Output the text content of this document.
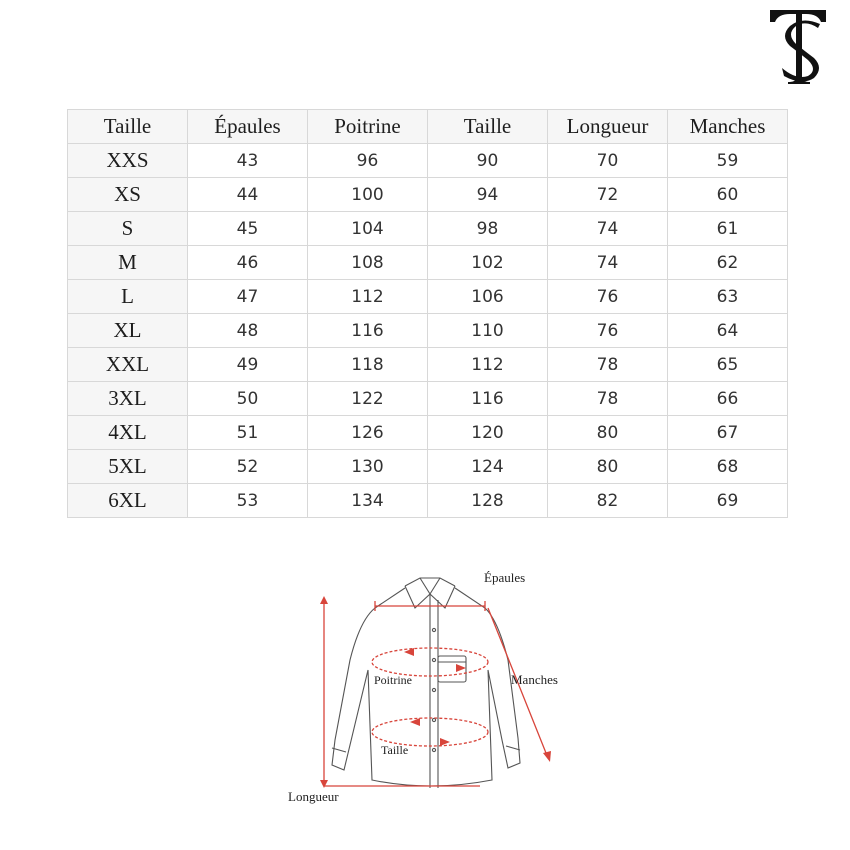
Taille	Épaules	Poitrine	Taille	Longueur	Manches
XXS	43	96	90	70	59
XS	44	100	94	72	60
S	45	104	98	74	61
M	46	108	102	74	62
L	47	112	106	76	63
XL	48	116	110	76	64
XXL	49	118	112	78	65
3XL	50	122	116	78	66
4XL	51	126	120	80	67
5XL	52	130	124	80	68
6XL	53	134	128	82	69
Épaules
Manches
Poitrine
Taille
Longueur
